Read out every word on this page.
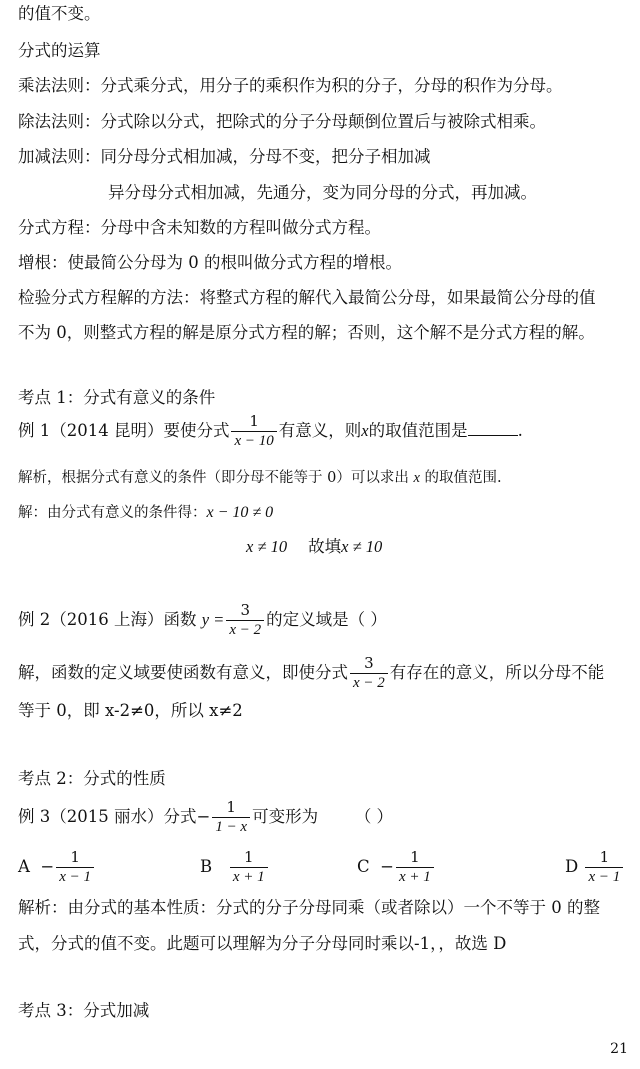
的值不变。
分式的运算
乘法法则：分式乘分式，用分子的乘积作为积的分子，分母的积作为分母。
除法法则：分式除以分式，把除式的分子分母颠倒位置后与被除式相乘。
加减法则：同分母分式相加减，分母不变，把分子相加减
异分母分式相加减，先通分，变为同分母的分式，再加减。
分式方程：分母中含未知数的方程叫做分式方程。
增根：使最简公分母为 0 的根叫做分式方程的增根。
检验分式方程解的方法：将整式方程的解代入最简公分母，如果最简公分母的值
不为 0，则整式方程的解是原分式方程的解；否则，这个解不是分式方程的解。
考点 1：分式有意义的条件
例 1（2014 昆明）要使分式 $\frac{1}{x - 10}$ 有意义，则x的取值范围是	.
解析，根据分式有意义的条件（即分母不能等于 0）可以求出 x 的取值范围.
解：由分式有意义的条件得：x − 10 ≠ 0
x ≠ 10 故填x ≠ 10
例 2（2016 上海）函数 $y = \frac{3}{x - 2}$ 的定义域是（ ）
解，函数的定义域要使函数有意义，即使分式 $\frac{3}{x - 2}$ 有存在的意义，所以分母不能
等于 0，即 x-2≠0，所以 x≠2
考点 2：分式的性质
例 3（2015 丽水）分式− $\frac{1}{1 - x}$ 可变形为 （ ）
$A - \frac{1}{x - 1}$	B $\frac{1}{x + 1}$	$C - \frac{1}{x + 1}$	D $\frac{1}{x - 1}$
解析：由分式的基本性质：分式的分子分母同乘（或者除以）一个不等于 0 的整
式，分式的值不变。此题可以理解为分子分母同时乘以-1，，故选 D
考点 3：分式加减
21
